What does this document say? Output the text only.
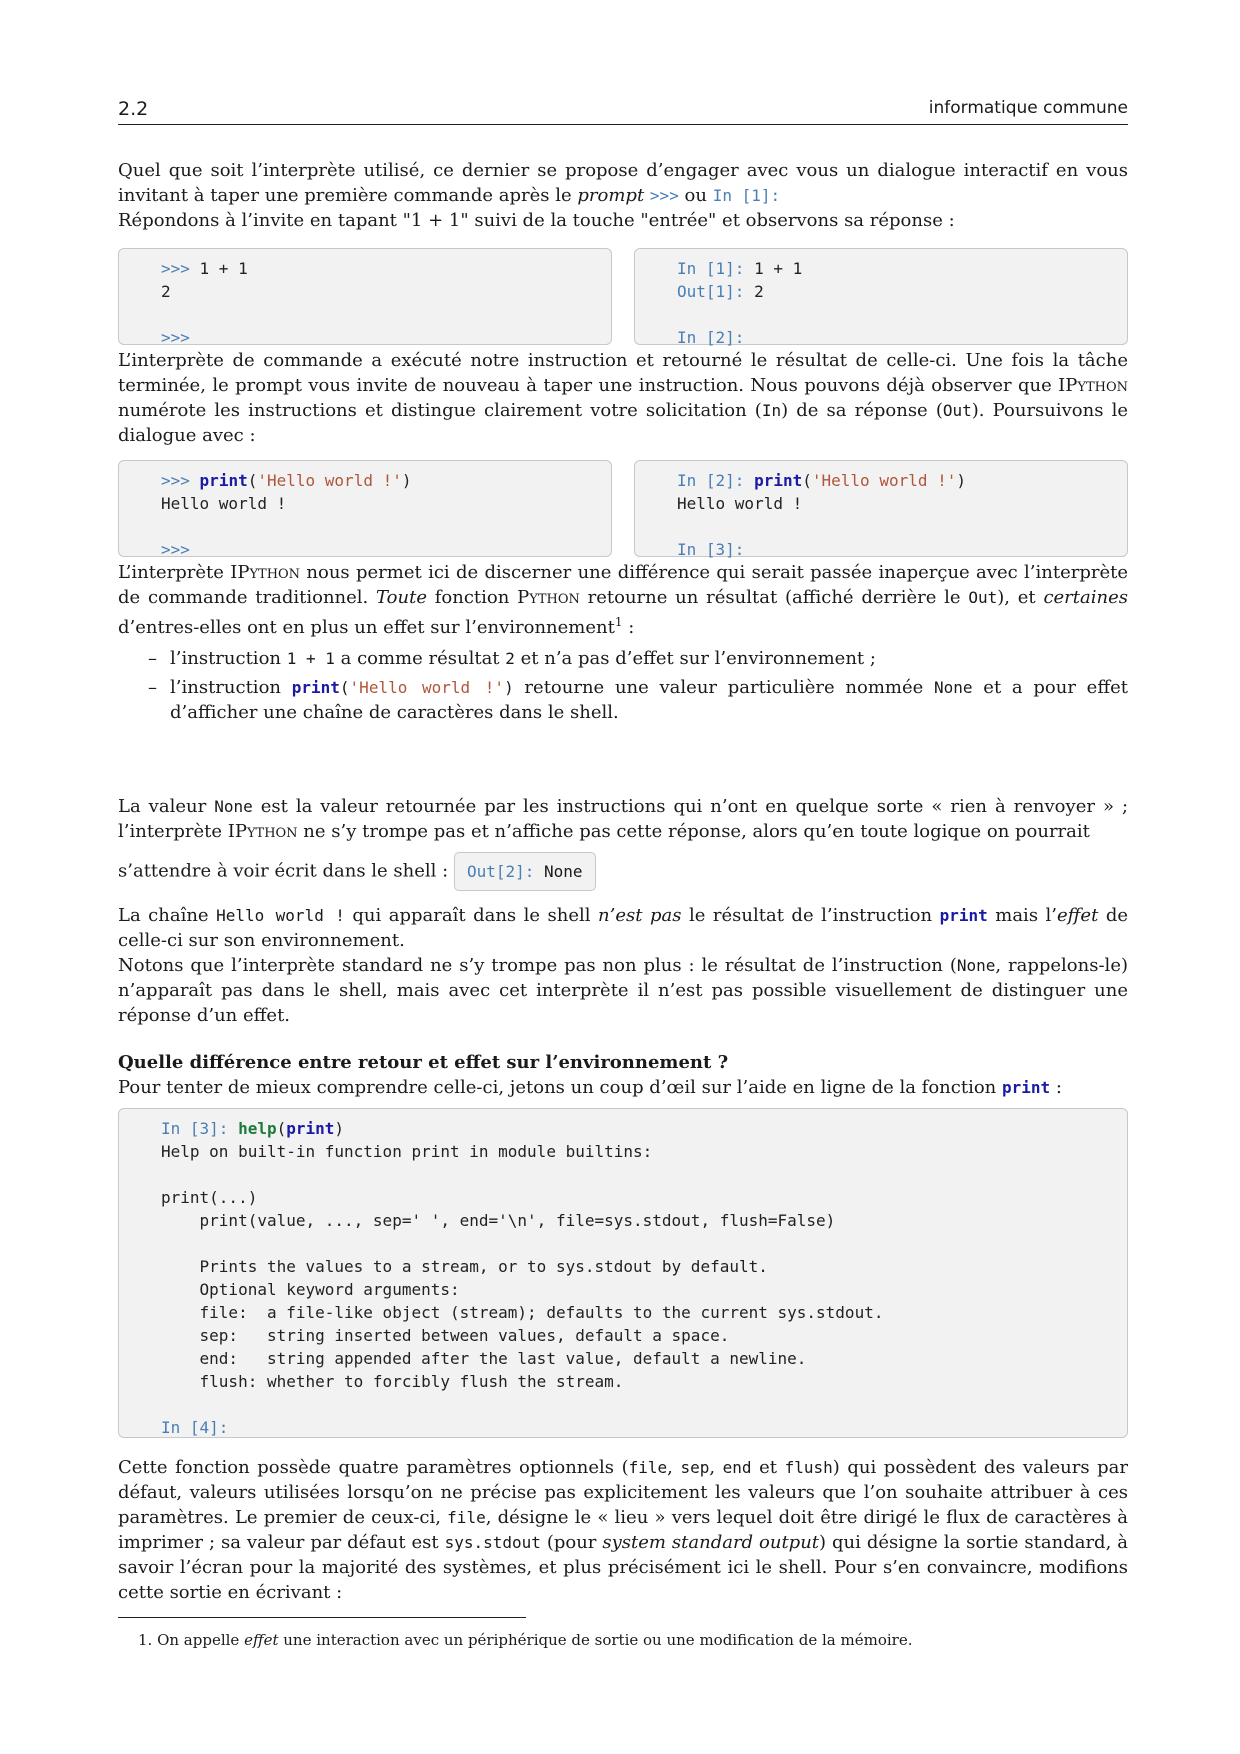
2.2	informatique commune

Quel que soit l’interprète utilisé, ce dernier se propose d’engager avec vous un dialogue interactif en vous invitant à taper une première commande après le prompt >>> ou In [1]:

Répondons à l’invite en tapant "1 + 1" suivi de la touche "entrée" et observons sa réponse :

>>> 1 + 1
2

>>>
In [1]: 1 + 1
Out[1]: 2

In [2]:

L’interprète de commande a exécuté notre instruction et retourné le résultat de celle-ci. Une fois la tâche terminée, le prompt vous invite de nouveau à taper une instruction. Nous pouvons déjà observer que IPython numérote les instructions et distingue clairement votre solicitation (In) de sa réponse (Out). Poursuivons le dialogue avec :

>>> print('Hello world !')
Hello world !

>>>
In [2]: print('Hello world !')
Hello world !

In [3]:

L’interprète IPython nous permet ici de discerner une différence qui serait passée inaperçue avec l’interprète de commande traditionnel. Toute fonction Python retourne un résultat (affiché derrière le Out), et certaines d’entres-elles ont en plus un effet sur l’environnement$^1$ :

– l’instruction 1 + 1 a comme résultat 2 et n’a pas d’effet sur l’environnement ;
– l’instruction print('Hello world !') retourne une valeur particulière nommée None et a pour effet d’afficher une chaîne de caractères dans le shell.

La valeur None est la valeur retournée par les instructions qui n’ont en quelque sorte « rien à renvoyer » ; l’interprète IPython ne s’y trompe pas et n’affiche pas cette réponse, alors qu’en toute logique on pourrait

s’attendre à voir écrit dans le shell : Out[2]: None

La chaîne Hello world ! qui apparaît dans le shell n’est pas le résultat de l’instruction print mais l’effet de celle-ci sur son environnement.

Notons que l’interprète standard ne s’y trompe pas non plus : le résultat de l’instruction (None, rappelons-le) n’apparaît pas dans le shell, mais avec cet interprète il n’est pas possible visuellement de distinguer une réponse d’un effet.

Quelle différence entre retour et effet sur l’environnement ?

Pour tenter de mieux comprendre celle-ci, jetons un coup d’œil sur l’aide en ligne de la fonction print :

In [3]: help(print)
Help on built-in function print in module builtins:

print(...)
print(value, ..., sep=' ', end='\n', file=sys.stdout, flush=False)

Prints the values to a stream, or to sys.stdout by default.
Optional keyword arguments:
file:  a file-like object (stream); defaults to the current sys.stdout.
sep:   string inserted between values, default a space.
end:   string appended after the last value, default a newline.
flush: whether to forcibly flush the stream.

In [4]:

Cette fonction possède quatre paramètres optionnels (file, sep, end et flush) qui possèdent des valeurs par défaut, valeurs utilisées lorsqu’on ne précise pas explicitement les valeurs que l’on souhaite attribuer à ces paramètres. Le premier de ceux-ci, file, désigne le « lieu » vers lequel doit être dirigé le flux de caractères à imprimer ; sa valeur par défaut est sys.stdout (pour system standard output) qui désigne la sortie standard, à savoir l’écran pour la majorité des systèmes, et plus précisément ici le shell. Pour s’en convaincre, modifions cette sortie en écrivant :

1. On appelle effet une interaction avec un périphérique de sortie ou une modification de la mémoire.
